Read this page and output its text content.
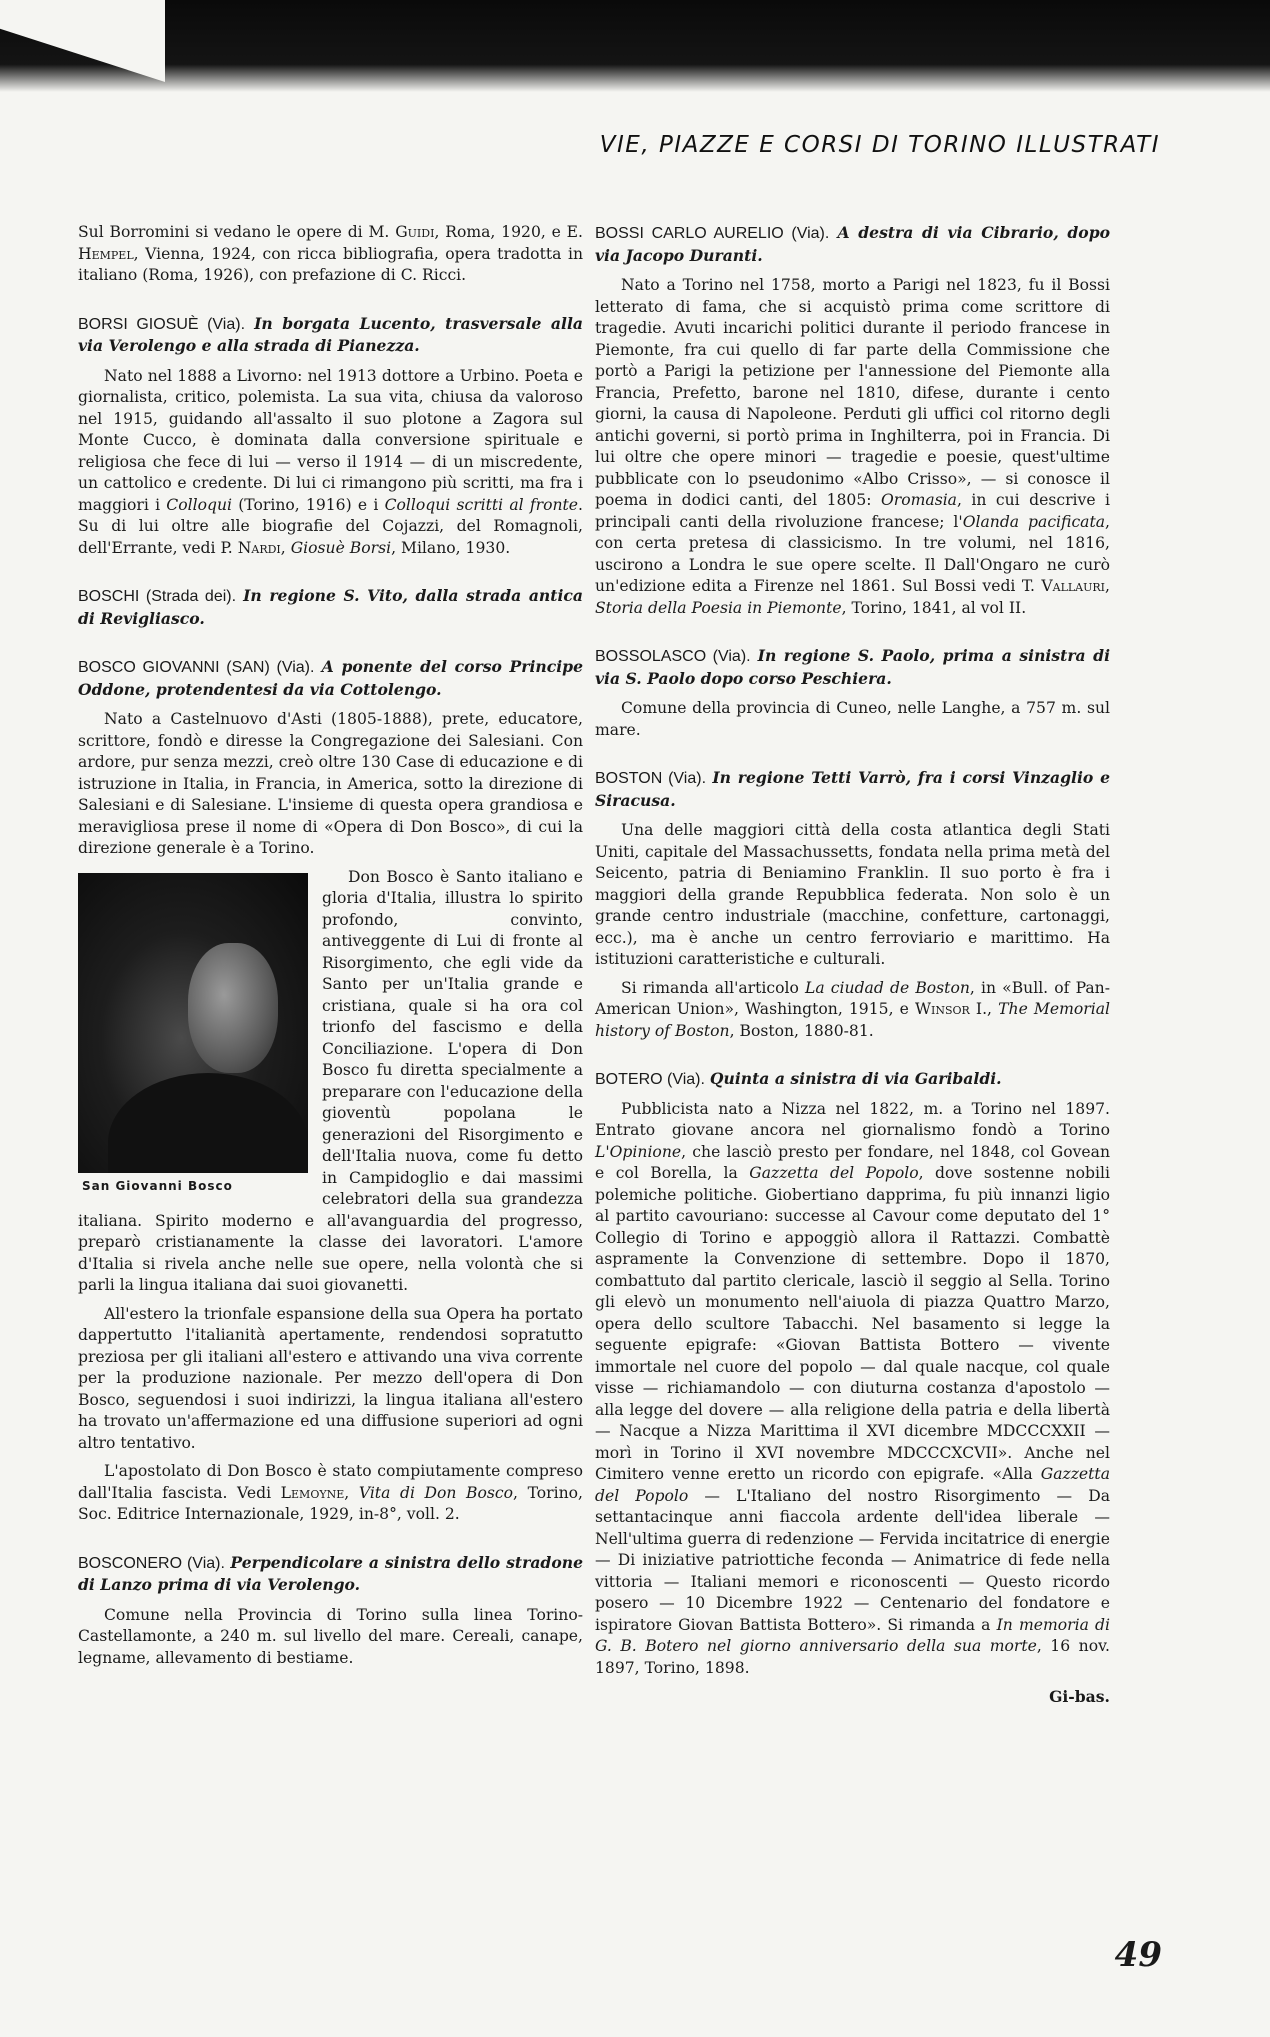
VIE, PIAZZE E CORSI DI TORINO ILLUSTRATI

Sul Borromini si vedano le opere di M. Guidi, Roma, 1920, e E. Hempel, Vienna, 1924, con ricca bibliografia, opera tradotta in italiano (Roma, 1926), con prefazione di C. Ricci.

BORSI GIOSUÈ (Via). In borgata Lucento, trasversale alla via Verolengo e alla strada di Pianezza.

Nato nel 1888 a Livorno: nel 1913 dottore a Urbino. Poeta e giornalista, critico, polemista. La sua vita, chiusa da valoroso nel 1915, guidando all'assalto il suo plotone a Zagora sul Monte Cucco, è dominata dalla conversione spirituale e religiosa che fece di lui — verso il 1914 — di un miscredente, un cattolico e credente. Di lui ci rimangono più scritti, ma fra i maggiori i Colloqui (Torino, 1916) e i Colloqui scritti al fronte. Su di lui oltre alle biografie del Cojazzi, del Romagnoli, dell'Errante, vedi P. Nardi, Giosuè Borsi, Milano, 1930.

BOSCHI (Strada dei). In regione S. Vito, dalla strada antica di Revigliasco.
BOSCO GIOVANNI (SAN) (Via). A ponente del corso Principe Oddone, protendentesi da via Cottolengo.

Nato a Castelnuovo d'Asti (1805-1888), prete, educatore, scrittore, fondò e diresse la Congregazione dei Salesiani. Con ardore, pur senza mezzi, creò oltre 130 Case di educazione e di istruzione in Italia, in Francia, in America, sotto la direzione di Salesiani e di Salesiane. L'insieme di questa opera grandiosa e meravigliosa prese il nome di «Opera di Don Bosco», di cui la direzione generale è a Torino.

San Giovanni Bosco

Don Bosco è Santo italiano e gloria d'Italia, illustra lo spirito profondo, convinto, antiveggente di Lui di fronte al Risorgimento, che egli vide da Santo per un'Italia grande e cristiana, quale si ha ora col trionfo del fascismo e della Conciliazione. L'opera di Don Bosco fu diretta specialmente a preparare con l'educazione della gioventù popolana le generazioni del Risorgimento e dell'Italia nuova, come fu detto in Campidoglio e dai massimi celebratori della sua grandezza italiana. Spirito moderno e all'avanguardia del progresso, preparò cristianamente la classe dei lavoratori. L'amore d'Italia si rivela anche nelle sue opere, nella volontà che si parli la lingua italiana dai suoi giovanetti.

All'estero la trionfale espansione della sua Opera ha portato dappertutto l'italianità apertamente, rendendosi sopratutto preziosa per gli italiani all'estero e attivando una viva corrente per la produzione nazionale. Per mezzo dell'opera di Don Bosco, seguendosi i suoi indirizzi, la lingua italiana all'estero ha trovato un'affermazione ed una diffusione superiori ad ogni altro tentativo.

L'apostolato di Don Bosco è stato compiutamente compreso dall'Italia fascista. Vedi Lemoyne, Vita di Don Bosco, Torino, Soc. Editrice Internazionale, 1929, in-8°, voll. 2.

BOSCONERO (Via). Perpendicolare a sinistra dello stradone di Lanzo prima di via Verolengo.

Comune nella Provincia di Torino sulla linea Torino-Castellamonte, a 240 m. sul livello del mare. Cereali, canape, legname, allevamento di bestiame.

BOSSI CARLO AURELIO (Via). A destra di via Cibrario, dopo via Jacopo Duranti.

Nato a Torino nel 1758, morto a Parigi nel 1823, fu il Bossi letterato di fama, che si acquistò prima come scrittore di tragedie. Avuti incarichi politici durante il periodo francese in Piemonte, fra cui quello di far parte della Commissione che portò a Parigi la petizione per l'annessione del Piemonte alla Francia, Prefetto, barone nel 1810, difese, durante i cento giorni, la causa di Napoleone. Perduti gli uffici col ritorno degli antichi governi, si portò prima in Inghilterra, poi in Francia. Di lui oltre che opere minori — tragedie e poesie, quest'ultime pubblicate con lo pseudonimo «Albo Crisso», — si conosce il poema in dodici canti, del 1805: Oromasia, in cui descrive i principali canti della rivoluzione francese; l'Olanda pacificata, con certa pretesa di classicismo. In tre volumi, nel 1816, uscirono a Londra le sue opere scelte. Il Dall'Ongaro ne curò un'edizione edita a Firenze nel 1861. Sul Bossi vedi T. Vallauri, Storia della Poesia in Piemonte, Torino, 1841, al vol II.

BOSSOLASCO (Via). In regione S. Paolo, prima a sinistra di via S. Paolo dopo corso Peschiera.

Comune della provincia di Cuneo, nelle Langhe, a 757 m. sul mare.

BOSTON (Via). In regione Tetti Varrò, fra i corsi Vinzaglio e Siracusa.

Una delle maggiori città della costa atlantica degli Stati Uniti, capitale del Massachussetts, fondata nella prima metà del Seicento, patria di Beniamino Franklin. Il suo porto è fra i maggiori della grande Repubblica federata. Non solo è un grande centro industriale (macchine, confetture, cartonaggi, ecc.), ma è anche un centro ferroviario e marittimo. Ha istituzioni caratteristiche e culturali.

Si rimanda all'articolo La ciudad de Boston, in «Bull. of Pan-American Union», Washington, 1915, e Winsor I., The Memorial history of Boston, Boston, 1880-81.

BOTERO (Via). Quinta a sinistra di via Garibaldi.

Pubblicista nato a Nizza nel 1822, m. a Torino nel 1897. Entrato giovane ancora nel giornalismo fondò a Torino L'Opinione, che lasciò presto per fondare, nel 1848, col Govean e col Borella, la Gazzetta del Popolo, dove sostenne nobili polemiche politiche. Giobertiano dapprima, fu più innanzi ligio al partito cavouriano: successe al Cavour come deputato del 1° Collegio di Torino e appoggiò allora il Rattazzi. Combattè aspramente la Convenzione di settembre. Dopo il 1870, combattuto dal partito clericale, lasciò il seggio al Sella. Torino gli elevò un monumento nell'aiuola di piazza Quattro Marzo, opera dello scultore Tabacchi. Nel basamento si legge la seguente epigrafe: «Giovan Battista Bottero — vivente immortale nel cuore del popolo — dal quale nacque, col quale visse — richiamandolo — con diuturna costanza d'apostolo — alla legge del dovere — alla religione della patria e della libertà — Nacque a Nizza Marittima il XVI dicembre MDCCCXXII — morì in Torino il XVI novembre MDCCCXCVII». Anche nel Cimitero venne eretto un ricordo con epigrafe. «Alla Gazzetta del Popolo — L'Italiano del nostro Risorgimento — Da settantacinque anni fiaccola ardente dell'idea liberale — Nell'ultima guerra di redenzione — Fervida incitatrice di energie — Di iniziative patriottiche feconda — Animatrice di fede nella vittoria — Italiani memori e riconoscenti — Questo ricordo posero — 10 Dicembre 1922 — Centenario del fondatore e ispiratore Giovan Battista Bottero». Si rimanda a In memoria di G. B. Botero nel giorno anniversario della sua morte, 16 nov. 1897, Torino, 1898.

Gi-bas.
49
